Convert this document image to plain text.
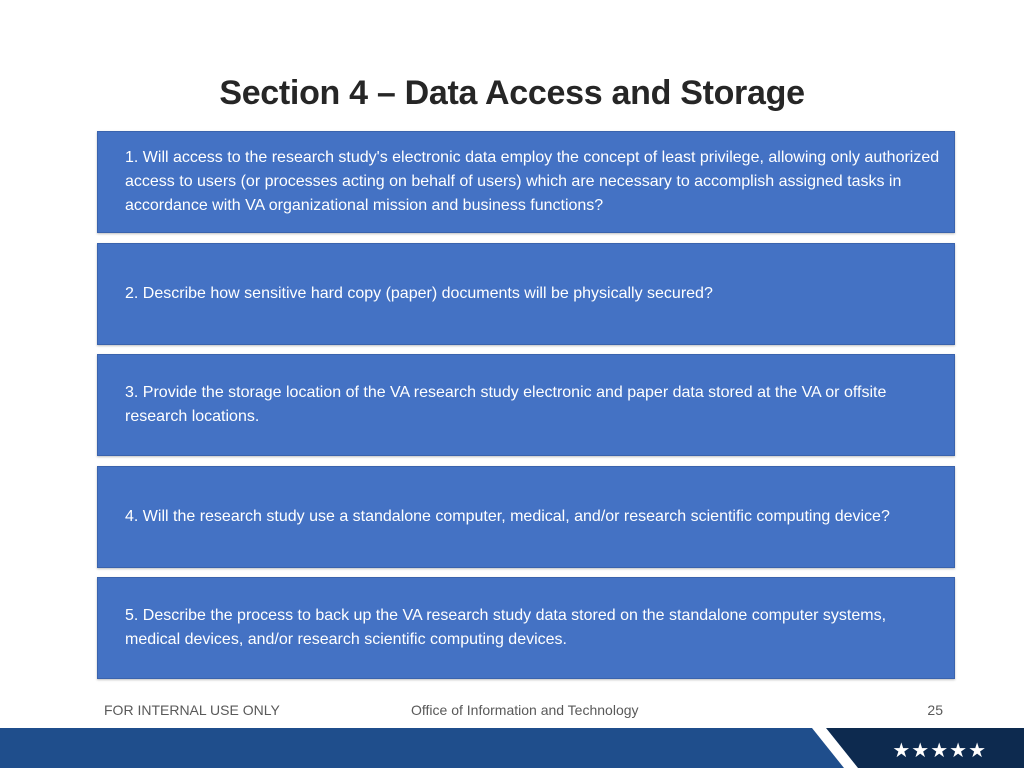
Section 4 – Data Access and Storage
1. Will access to the research study's electronic data employ the concept of least privilege, allowing only authorized access to users (or processes acting on behalf of users) which are necessary to accomplish assigned tasks in accordance with VA organizational mission and business functions?
2. Describe how sensitive hard copy (paper) documents will be physically secured?
3. Provide the storage location of the VA research study electronic and paper data stored at the VA or offsite research locations.
4. Will the research study use a standalone computer, medical, and/or research scientific computing device?
5. Describe the process to back up the VA research study data stored on the standalone computer systems, medical devices, and/or research scientific computing devices.
FOR INTERNAL USE ONLY	Office of Information and Technology	25
★★★★★
